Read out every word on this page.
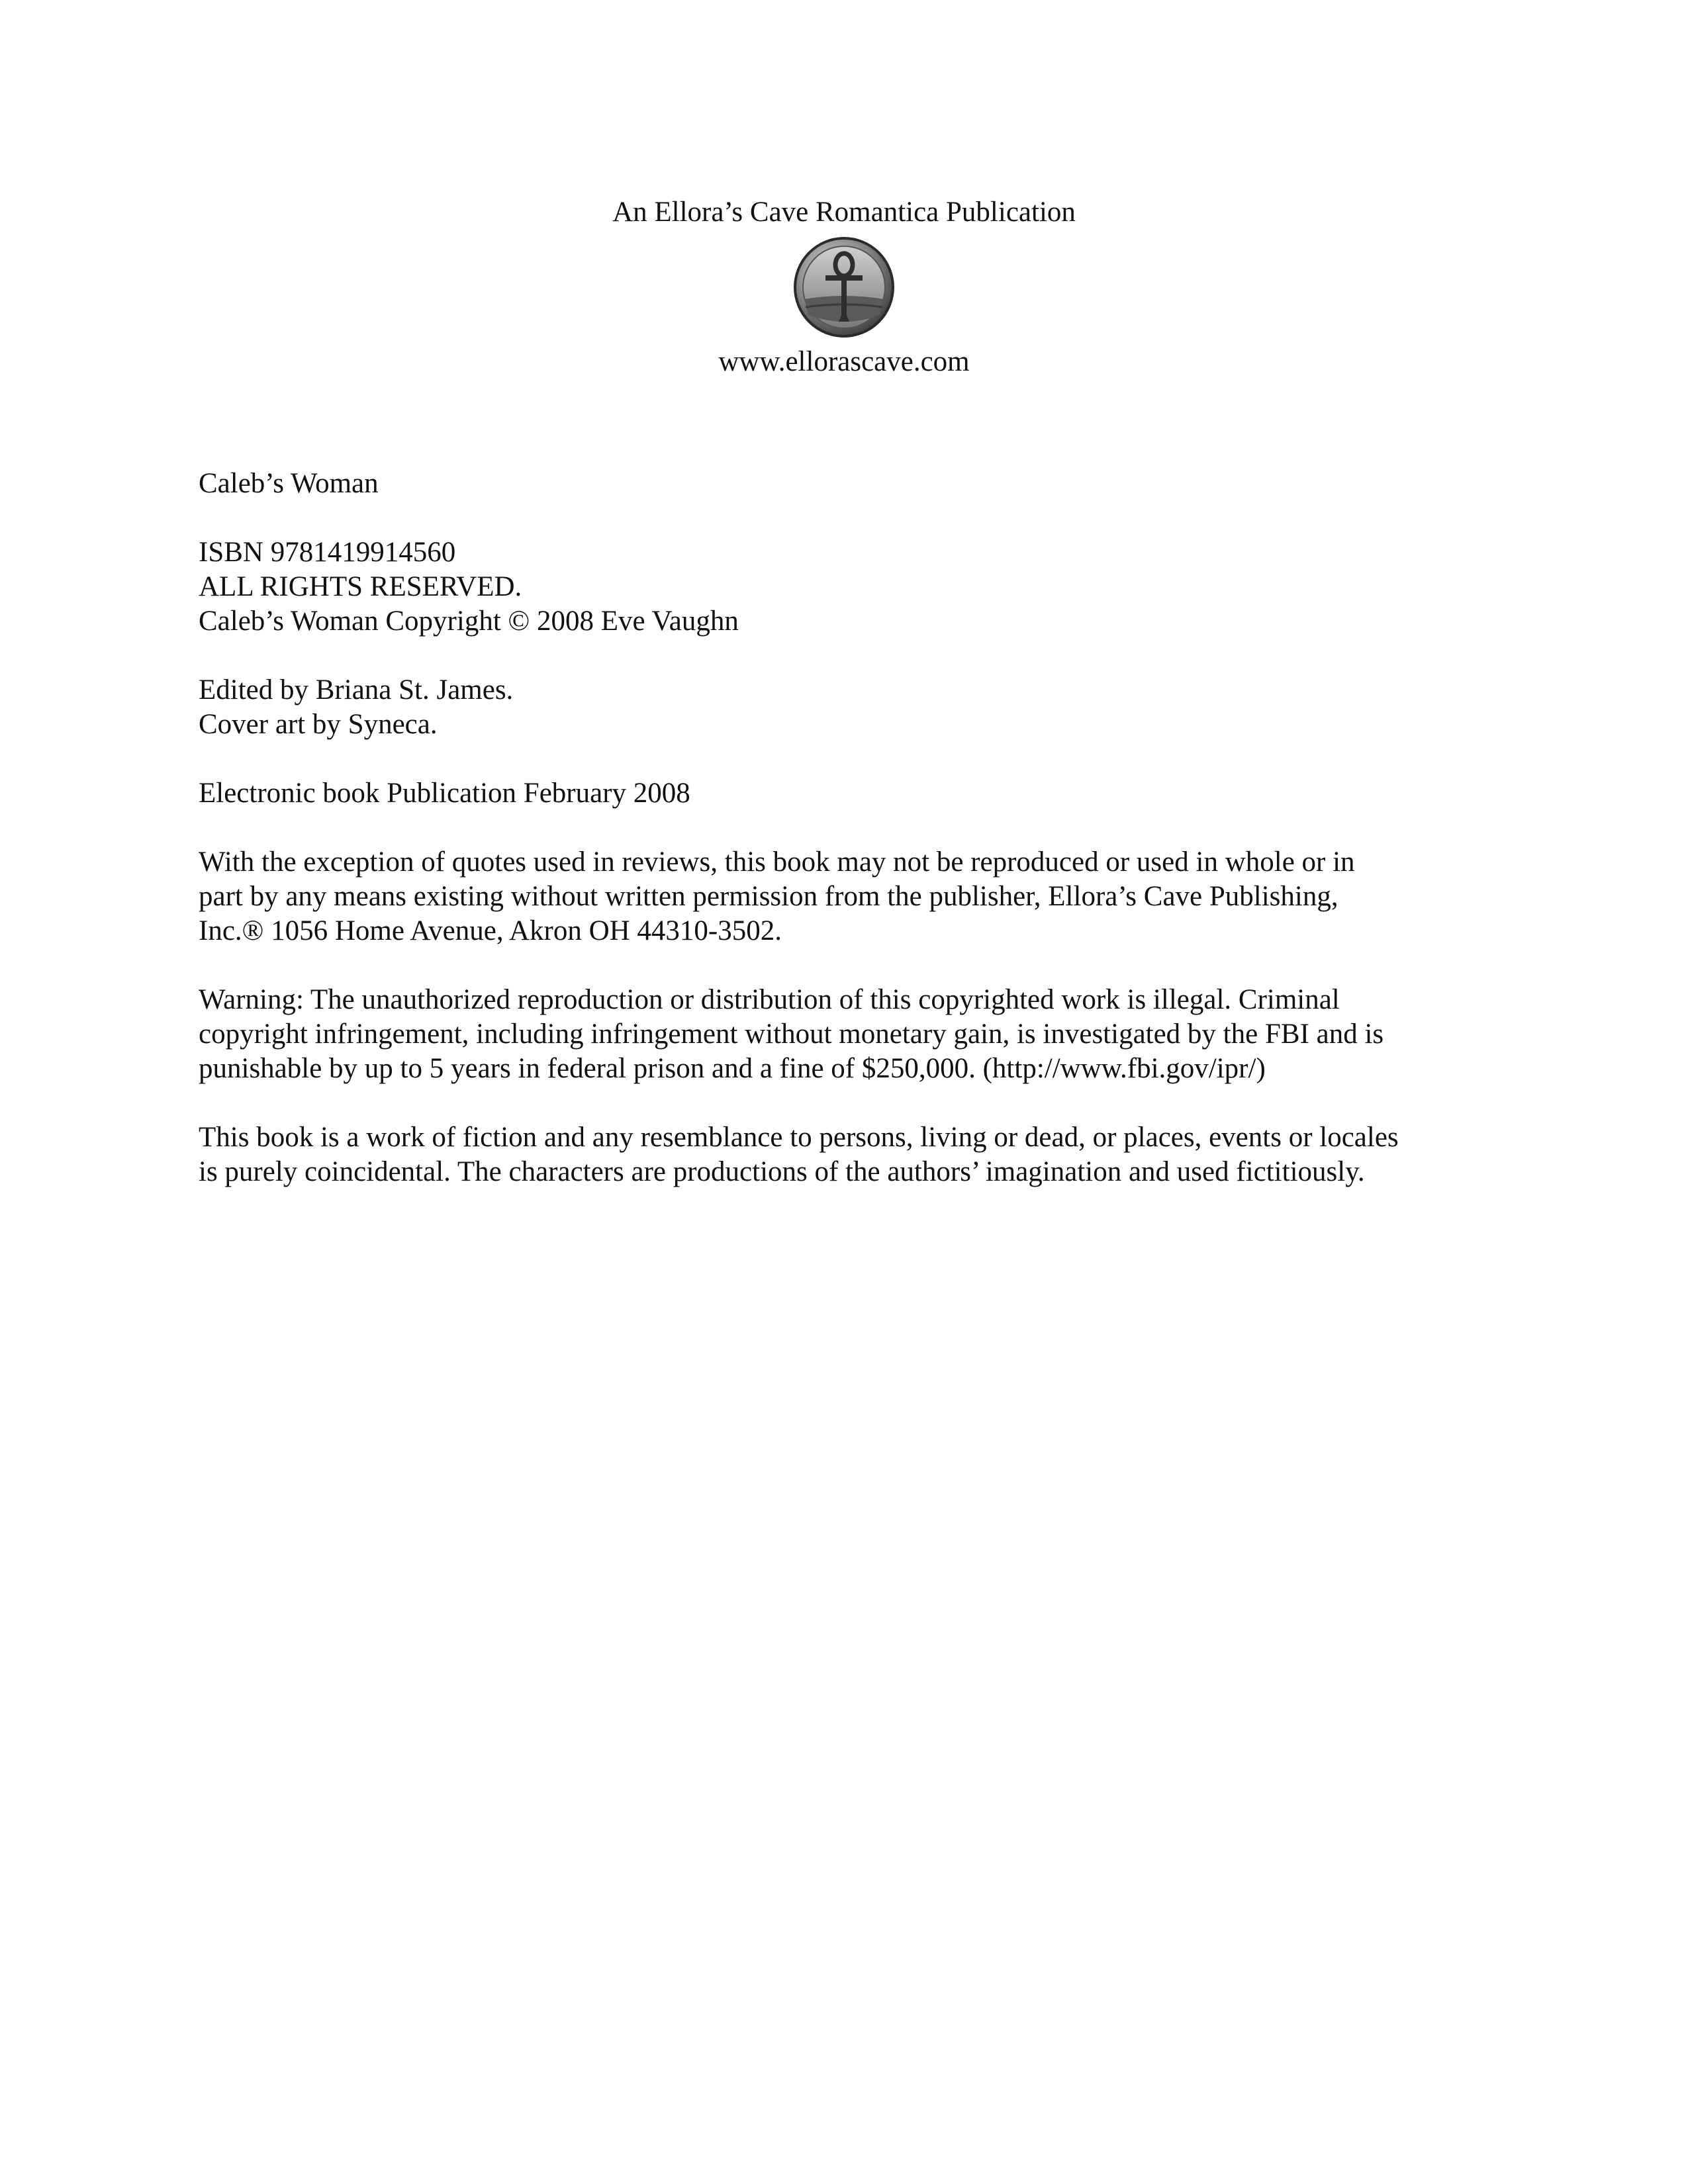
An Ellora’s Cave Romantica Publication
www.ellorascave.com

Caleb’s Woman

ISBN 9781419914560
ALL RIGHTS RESERVED.
Caleb’s Woman Copyright © 2008 Eve Vaughn

Edited by Briana St. James.
Cover art by Syneca.

Electronic book Publication February 2008

With the exception of quotes used in reviews, this book may not be reproduced or used in whole or in
part by any means existing without written permission from the publisher, Ellora’s Cave Publishing,
Inc.® 1056 Home Avenue, Akron OH 44310-3502.

Warning: The unauthorized reproduction or distribution of this copyrighted work is illegal. Criminal
copyright infringement, including infringement without monetary gain, is investigated by the FBI and is
punishable by up to 5 years in federal prison and a fine of $250,000. (http://www.fbi.gov/ipr/)

This book is a work of fiction and any resemblance to persons, living or dead, or places, events or locales
is purely coincidental. The characters are productions of the authors’ imagination and used fictitiously.
